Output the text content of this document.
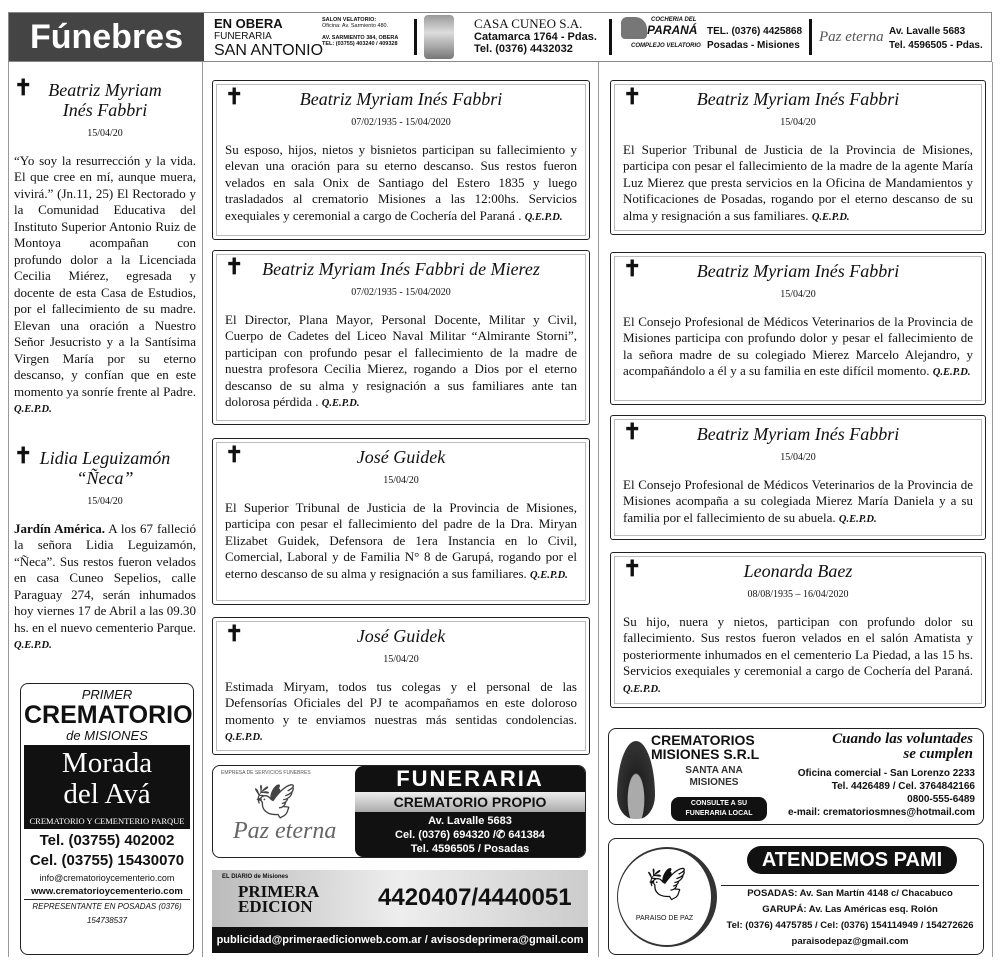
Fúnebres	EN OBERA
FUNERARIA
SAN ANTONIO
SALON VELATORIO:
Oficina: Av. Sarmiento 480.
AV. SARMIENTO 384, OBERA
TEL: (03755) 403240 / 409328
CASA CUNEO S.A.
Catamarca 1764 - Pdas.
Tel. (0376) 4432032
COCHERIA DEL
PARANÁ
COMPLEJO VELATORIO
TEL. (0376) 4425868
Posadas - Misiones
Paz eterna Av. Lavalle 5683
Tel. 4596505 - Pdas.
✝ Beatriz Myriam Inés Fabbri
15/04/20
“Yo soy la resurrección y la vida. El que cree en mí, aunque muera, vivirá.” (Jn.11, 25) El Rectorado y la Comunidad Educativa del Instituto Superior Antonio Ruiz de Montoya acompañan con profundo dolor a la Licenciada Cecilia Miérez, egresada y docente de esta Casa de Estudios, por el fallecimiento de su madre. Elevan una oración a Nuestro Señor Jesucristo y a la Santísima Virgen María por su eterno descanso, y confían que en este momento ya sonríe frente al Padre. Q.E.P.D.
✝ Lidia Leguizamón “Ñeca”
15/04/20
Jardín América. A los 67 falleció la señora Lidia Leguizamón, “Ñeca”. Sus restos fueron velados en casa Cuneo Sepelios, calle Paraguay 274, serán inhumados hoy viernes 17 de Abril a las 09.30 hs. en el nuevo cementerio Parque. Q.E.P.D.
✝	Beatriz Myriam Inés Fabbri
07/02/1935 - 15/04/2020
Su esposo, hijos, nietos y bisnietos participan su fallecimiento y elevan una oración para su eterno descanso. Sus restos fueron velados en sala Onix de Santiago del Estero 1835 y luego trasladados al crematorio Misiones a las 12:00hs. Servicios exequiales y ceremonial a cargo de Cochería del Paraná . Q.E.P.D.
✝ Beatriz Myriam Inés Fabbri de Mierez
07/02/1935 - 15/04/2020
El Director, Plana Mayor, Personal Docente, Militar y Civil, Cuerpo de Cadetes del Liceo Naval Militar “Almirante Storni”, participan con profundo pesar el fallecimiento de la madre de nuestra profesora Cecilia Mierez, rogando a Dios por el eterno descanso de su alma y resignación a sus familiares ante tan dolorosa pérdida . Q.E.P.D.
✝	José Guidek
15/04/20
El Superior Tribunal de Justicia de la Provincia de Misiones, participa con pesar el fallecimiento del padre de la Dra. Miryan Elizabet Guidek, Defensora de 1era Instancia en lo Civil, Comercial, Laboral y de Familia N° 8 de Garupá, rogando por el eterno descanso de su alma y resignación a sus familiares. Q.E.P.D.
✝	José Guidek
15/04/20
Estimada Miryam, todos tus colegas y el personal de las Defensorías Oficiales del PJ te acompañamos en este doloroso momento y te enviamos nuestras más sentidas condolencias. Q.E.P.D.
✝	Beatriz Myriam Inés Fabbri
15/04/20
El Superior Tribunal de Justicia de la Provincia de Misiones, participa con pesar el fallecimiento de la madre de la agente María Luz Mierez que presta servicios en la Oficina de Mandamientos y Notificaciones de Posadas, rogando por el eterno descanso de su alma y resignación a sus familiares. Q.E.P.D.
✝	Beatriz Myriam Inés Fabbri
15/04/20
El Consejo Profesional de Médicos Veterinarios de la Provincia de Misiones participa con profundo dolor y pesar el fallecimiento de la señora madre de su colegiado Mierez Marcelo Alejandro, y acompañándolo a él y a su familia en este difícil momento. Q.E.P.D.
✝	Beatriz Myriam Inés Fabbri
15/04/20
El Consejo Profesional de Médicos Veterinarios de la Provincia de Misiones acompaña a su colegiada Mierez María Daniela y a su familia por el fallecimiento de su abuela. Q.E.P.D.
✝	Leonarda Baez
08/08/1935 – 16/04/2020
Su hijo, nuera y nietos, participan con profundo dolor su fallecimiento. Sus restos fueron velados en el salón Amatista y posteriormente inhumados en el cementerio La Piedad, a las 15 hs. Servicios exequiales y ceremonial a cargo de Cochería del Paraná. Q.E.P.D.
PRIMER
CREMATORIO
de MISIONES
Morada
del Avá
CREMATORIO Y CEMENTERIO PARQUE
Tel. (03755) 402002
Cel. (03755) 15430070
info@crematorioycementerio.com
www.crematorioycementerio.com
REPRESENTANTE EN POSADAS (0376) 154738537
EMPRESA DE SERVICIOS FUNEBRES
🕊
Paz eterna
FUNERARIA
CREMATORIO PROPIO
Av. Lavalle 5683
Cel. (0376) 694320 /✆ 641384
Tel. 4596505 / Posadas
EL DIARIO de Misiones
PRIMERA
EDICION	4420407/4440051
publicidad@primeraedicionweb.com.ar / avisosdeprimera@gmail.com
CREMATORIOS
MISIONES S.R.L
SANTA ANA
MISIONES
CONSULTE A SU
FUNERARIA LOCAL
Cuando las voluntades
se cumplen
Oficina comercial - San Lorenzo 2233
Tel. 4426489 / Cel. 3764842166
0800-555-6489
e-mail: crematoriosmnes@hotmail.com
🕊
PARAISO DE PAZ
ATENDEMOS PAMI
POSADAS: Av. San Martín 4148 c/ Chacabuco
GARUPÁ: Av. Las Américas esq. Rolón
Tel: (0376) 4475785 / Cel: (0376) 154114949 / 154272626
paraisodepaz@gmail.com
